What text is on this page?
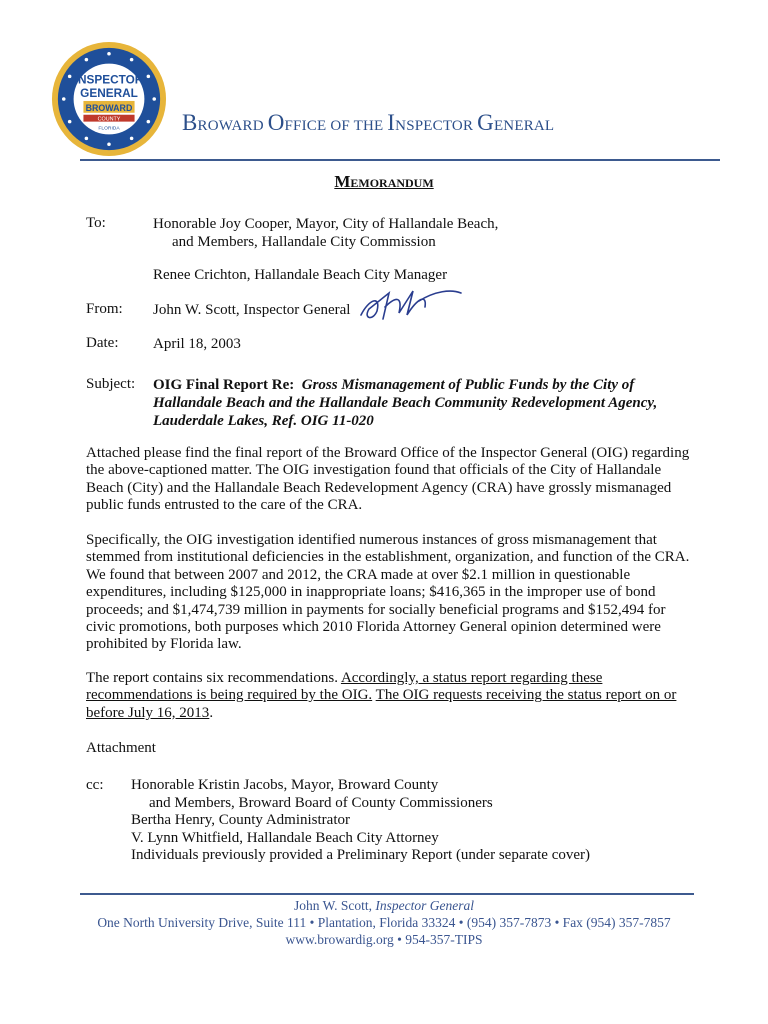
INSPECTOR
GENERAL
BROWARD
COUNTY
FLORIDA	BROWARD OFFICE OF THE INSPECTOR GENERAL
Memorandum
To:	Honorable Joy Cooper, Mayor, City of Hallandale Beach,
and Members, Hallandale City Commission
Renee Crichton, Hallandale Beach City Manager
From: John W. Scott, Inspector General
Date: April 18, 2003
Subject: OIG Final Report Re: Gross Mismanagement of Public Funds by the City of Hallandale Beach and the Hallandale Beach Community Redevelopment Agency, Lauderdale Lakes, Ref. OIG 11-020
Attached please find the final report of the Broward Office of the Inspector General (OIG) regarding the above-captioned matter. The OIG investigation found that officials of the City of Hallandale Beach (City) and the Hallandale Beach Redevelopment Agency (CRA) have grossly mismanaged public funds entrusted to the care of the CRA.
Specifically, the OIG investigation identified numerous instances of gross mismanagement that stemmed from institutional deficiencies in the establishment, organization, and function of the CRA. We found that between 2007 and 2012, the CRA made at over $2.1 million in questionable expenditures, including $125,000 in inappropriate loans; $416,365 in the improper use of bond proceeds; and $1,474,739 million in payments for socially beneficial programs and $152,494 for civic promotions, both purposes which 2010 Florida Attorney General opinion determined were prohibited by Florida law.
The report contains six recommendations. Accordingly, a status report regarding these recommendations is being required by the OIG. The OIG requests receiving the status report on or before July 16, 2013.
Attachment
cc: Honorable Kristin Jacobs, Mayor, Broward County
and Members, Broward Board of County Commissioners
Bertha Henry, County Administrator
V. Lynn Whitfield, Hallandale Beach City Attorney
Individuals previously provided a Preliminary Report (under separate cover)
John W. Scott, Inspector General
One North University Drive, Suite 111 • Plantation, Florida 33324 • (954) 357-7873 • Fax (954) 357-7857
www.browardig.org • 954-357-TIPS
